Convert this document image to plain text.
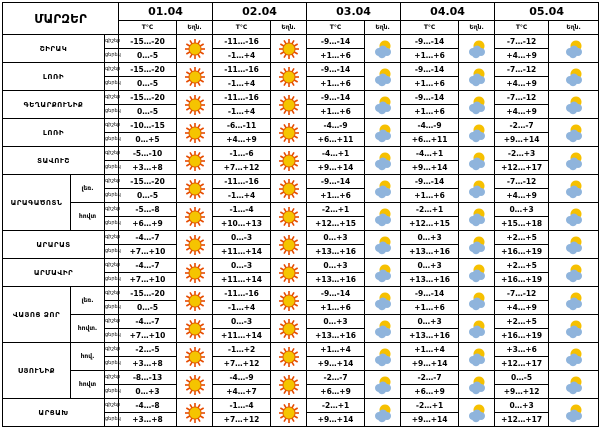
ՄԱՐԶԵՐ			01.04		02.04		03.04		04.04		05.04	
			T°C	Եղն.	T°C	Եղն.	T°C	Եղն.	T°C	Եղն.	T°C	Եղն.
ՇԻՐԱԿ		գիշեր	-15…-20		-11…-16		-9…-14		-9…-14		-7…-12	

		ցերեկ	0…-5		-1…+4		+1…+6		+1…+6		+4…+9	
ԼՈՌԻ		գիշեր	-15…-20		-11…-16		-9…-14		-9…-14		-7…-12	

		ցերեկ	0…-5		-1…+4		+1…+6		+1…+6		+4…+9	
ԳԵՂԱՐՔՈՒՆԻՔ		գիշեր	-15…-20		-11…-16		-9…-14		-9…-14		-7…-12	

		ցերեկ	0…-5		-1…+4		+1…+6		+1…+6		+4…+9	
ԼՈՌԻ		գիշեր	-10…-15		-6…-11		-4…-9		-4…-9		-2…-7	

		ցերեկ	0…+5		+4…+9		+6…+11		+6…+11		+9…+14	
ՏԱՎՈՒՇ		գիշեր	-5…-10		-1…-6		-4…+1		-4…+1		-2…+3	

		ցերեկ	+3…+8		+7…+12		+9…+14		+9…+14		+12…+17	
ԱՐԱԳԱԾՈՏՆ	լեռ.	գիշեր	-15…-20		-11…-16		-9…-14		-9…-14		-7…-12	

		ցերեկ	0…-5		-1…+4		+1…+6		+1…+6		+4…+9	
	հովտ	գիշեր	-5…-8		-1…-4		-2…+1		-2…+1		0…+3	

		ցերեկ	+6…+9		+10…+13		+12…+15		+12…+15		+15…+18	
ԱՐԱՐԱՏ		գիշեր	-4…-7		0…-3		0…+3		0…+3		+2…+5	

		ցերեկ	+7…+10		+11…+14		+13…+16		+13…+16		+16…+19	
ԱՐՄԱՎԻՐ		գիշեր	-4…-7		0…-3		0…+3		0…+3		+2…+5	

		ցերեկ	+7…+10		+11…+14		+13…+16		+13…+16		+16…+19	
ՎԱՅՈՑ ՁՈՐ	լեռ.	գիշեր	-15…-20		-11…-16		-9…-14		-9…-14		-7…-12	

		ցերեկ	0…-5		-1…+4		+1…+6		+1…+6		+4…+9	
	հովտ.	գիշեր	-4…-7		0…-3		0…+3		0…+3		+2…+5	

		ցերեկ	+7…+10		+11…+14		+13…+16		+13…+16		+16…+19	
ՍՅՈՒՆԻՔ	հով.	գիշեր	-2…-5		-1…+2		+1…+4		+1…+4		+3…+6	

		ցերեկ	+3…+8		+7…+12		+9…+14		+9…+14		+12…+17	
	հովտ	գիշեր	-8…-13		-4…-9		-2…-7		-2…-7		0…-5	

		ցերեկ	0…+3		+4…+7		+6…+9		+6…+9		+9…+12	
ԱՐՑԱԽ		գիշեր	-4…-8		-1…-4		-2…+1		-2…+1		0…+3	

		ցերեկ	+3…+8		+7…+12		+9…+14		+9…+14		+12…+17	
